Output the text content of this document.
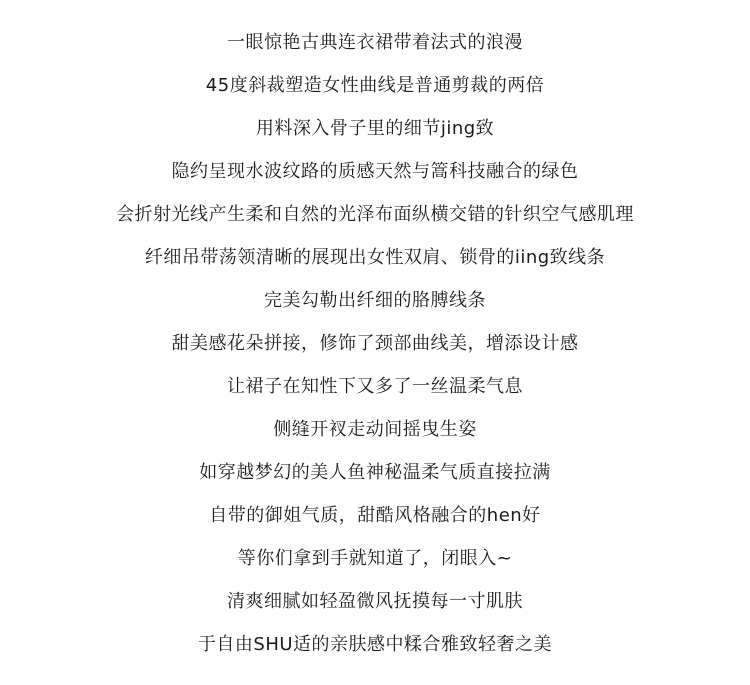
一眼惊艳古典连衣裙带着法式的浪漫
45度斜裁塑造女性曲线是普通剪裁的两倍
用料深入骨子里的细节jing致
隐约呈现水波纹路的质感天然与篙科技融合的绿色
会折射光线产生柔和自然的光泽布面纵横交错的针织空气感肌理
纤细吊带荡领清晰的展现出女性双肩、锁骨的iing致线条
完美勾勒出纤细的胳膊线条
甜美感花朵拼接，修饰了颈部曲线美，增添设计感
让裙子在知性下又多了一丝温柔气息
侧缝开衩走动间摇曳生姿
如穿越梦幻的美人鱼神秘温柔气质直接拉满
自带的御姐气质，甜酷风格融合的hen好
等你们拿到手就知道了，闭眼入~
清爽细腻如轻盈微风抚摸每一寸肌肤
于自由SHU适的亲肤感中糅合雅致轻奢之美
